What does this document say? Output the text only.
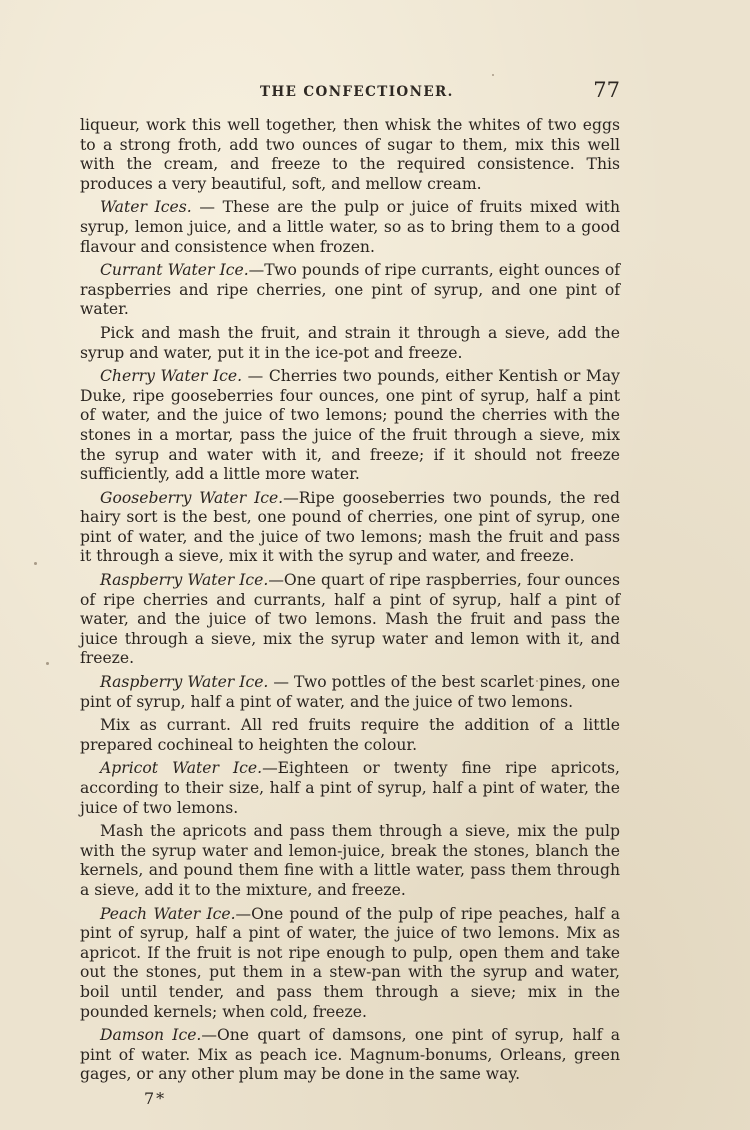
THE CONFECTIONER.	77

liqueur, work this well together, then whisk the whites of two eggs to a strong froth, add two ounces of sugar to them, mix this well with the cream, and freeze to the required consistence. This produces a very beautiful, soft, and mellow cream.

Water Ices. — These are the pulp or juice of fruits mixed with syrup, lemon juice, and a little water, so as to bring them to a good flavour and consistence when frozen.

Currant Water Ice.—Two pounds of ripe currants, eight ounces of raspberries and ripe cherries, one pint of syrup, and one pint of water.

Pick and mash the fruit, and strain it through a sieve, add the syrup and water, put it in the ice-pot and freeze.

Cherry Water Ice. — Cherries two pounds, either Kentish or May Duke, ripe gooseberries four ounces, one pint of syrup, half a pint of water, and the juice of two lemons; pound the cherries with the stones in a mortar, pass the juice of the fruit through a sieve, mix the syrup and water with it, and freeze; if it should not freeze sufficiently, add a little more water.

Gooseberry Water Ice.—Ripe gooseberries two pounds, the red hairy sort is the best, one pound of cherries, one pint of syrup, one pint of water, and the juice of two lemons; mash the fruit and pass it through a sieve, mix it with the syrup and water, and freeze.

Raspberry Water Ice.—One quart of ripe raspberries, four ounces of ripe cherries and currants, half a pint of syrup, half a pint of water, and the juice of two lemons. Mash the fruit and pass the juice through a sieve, mix the syrup water and lemon with it, and freeze.

Raspberry Water Ice. — Two pottles of the best scarlet pines, one pint of syrup, half a pint of water, and the juice of two lemons.

Mix as currant. All red fruits require the addition of a little prepared cochineal to heighten the colour.

Apricot Water Ice.—Eighteen or twenty fine ripe apricots, according to their size, half a pint of syrup, half a pint of water, the juice of two lemons.

Mash the apricots and pass them through a sieve, mix the pulp with the syrup water and lemon-juice, break the stones, blanch the kernels, and pound them fine with a little water, pass them through a sieve, add it to the mixture, and freeze.

Peach Water Ice.—One pound of the pulp of ripe peaches, half a pint of syrup, half a pint of water, the juice of two lemons. Mix as apricot. If the fruit is not ripe enough to pulp, open them and take out the stones, put them in a stew-pan with the syrup and water, boil until tender, and pass them through a sieve; mix in the pounded kernels; when cold, freeze.

Damson Ice.—One quart of damsons, one pint of syrup, half a pint of water. Mix as peach ice. Magnum-bonums, Orleans, green gages, or any other plum may be done in the same way.

7*
